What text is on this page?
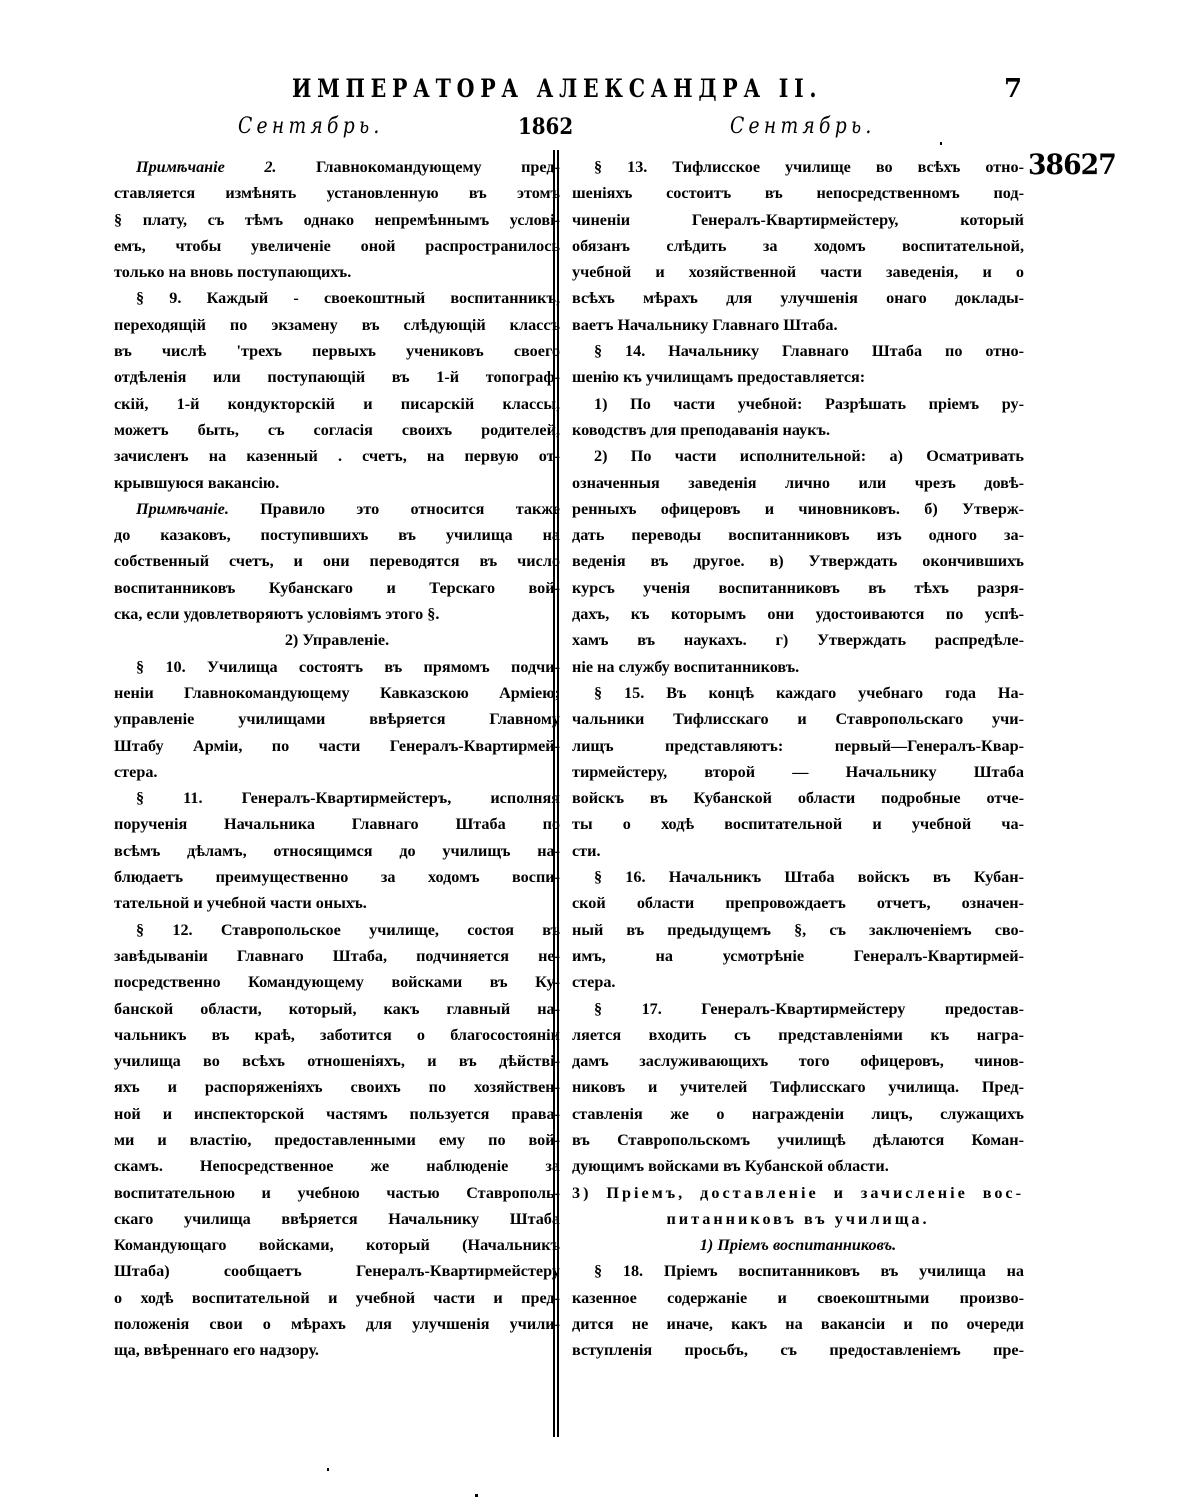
ИМПЕРАТОРА АЛЕКСАНДРА II.	7
Сентябрь.	1862	Сентябрь.
38627
Примѣчаніе 2. Главнокомандующему пред-
ставляется измѣнять установленную въ этомъ
§ плату, съ тѣмъ однако непремѣннымъ услові-
емъ, чтобы увеличеніе оной распространилось
только на вновь поступающихъ.
§ 9. Каждый - своекоштный воспитанникъ,
переходящій по экзамену въ слѣдующій классъ
въ числѣ 'трехъ первыхъ учениковъ своего
отдѣленія или поступающій въ 1-й топограф-
скій, 1-й кондукторскій и писарскій классы,
можетъ быть, съ согласія своихъ родителей,
зачисленъ на казенный . счетъ, на первую от-
крывшуюся вакансію.
Примѣчаніе. Правило это относится также
до казаковъ, поступившихъ въ училища на
собственный счетъ, и они переводятся въ число
воспитанниковъ Кубанскаго и Терскаго вой-
ска, если удовлетворяютъ условіямъ этого §.
2) Управленіе.
§ 10. Училища состоятъ въ прямомъ подчи-
неніи Главнокомандующему Кавказскою Арміею;
управленіе училищами ввѣряется Главному
Штабу Арміи, по части Генералъ-Квартирмей-
стера.
§ 11. Генералъ-Квартирмейстеръ, исполняя
порученія Начальника Главнаго Штаба по
всѣмъ дѣламъ, относящимся до училищъ на-
блюдаетъ преимущественно за ходомъ воспи-
тательной и учебной части оныхъ.
§ 12. Ставропольское училище, состоя въ
завѣдываніи Главнаго Штаба, подчиняется не-
посредственно Командующему войсками въ Ку-
банской области, который, какъ главный на-
чальникъ въ краѣ, заботится о благосостояніи
училища во всѣхъ отношеніяхъ, и въ дѣйстві-
яхъ и распоряженіяхъ своихъ по хозяйствен-
ной и инспекторской частямъ пользуется права-
ми и властію, предоставленными ему по вой-
скамъ. Непосредственное же наблюденіе за
воспитательною и учебною частью Ставрополь-
скаго училища ввѣряется Начальнику Штаба
Командующаго войсками, который (Начальникъ
Штаба) сообщаетъ Генералъ-Квартирмейстеру
о ходѣ воспитательной и учебной части и пред-
положенія свои о мѣрахъ для улучшенія учили-
ща, ввѣреннаго его надзору.
§ 13. Тифлисское училище во всѣхъ отно-
шеніяхъ состоитъ въ непосредственномъ под-
чиненіи Генералъ-Квартирмейстеру, который
обязанъ слѣдить за ходомъ воспитательной,
учебной и хозяйственной части заведенія, и о
всѣхъ мѣрахъ для улучшенія онаго доклады-
ваетъ Начальнику Главнаго Штаба.
§ 14. Начальнику Главнаго Штаба по отно-
шенію къ училищамъ предоставляется:
1) По части учебной: Разрѣшать пріемъ ру-
ководствъ для преподаванія наукъ.
2) По части исполнительной: а) Осматривать
означенныя заведенія лично или чрезъ довѣ-
ренныхъ офицеровъ и чиновниковъ. б) Утверж-
дать переводы воспитанниковъ изъ одного за-
веденія въ другое. в) Утверждать окончившихъ
курсъ ученія воспитанниковъ въ тѣхъ разря-
дахъ, къ которымъ они удостоиваются по успѣ-
хамъ въ наукахъ. г) Утверждать распредѣле-
ніе на службу воспитанниковъ.
§ 15. Въ концѣ каждаго учебнаго года На-
чальники Тифлисскаго и Ставропольскаго учи-
лищъ представляютъ: первый—Генералъ-Квар-
тирмейстеру, второй — Начальнику Штаба
войскъ въ Кубанской области подробные отче-
ты о ходѣ воспитательной и учебной ча-
сти.
§ 16. Начальникъ Штаба войскъ въ Кубан-
ской области препровождаетъ отчетъ, означен-
ный въ предыдущемъ §, съ заключеніемъ сво-
имъ, на усмотрѣніе Генералъ-Квартирмей-
стера.
§ 17. Генералъ-Квартирмейстеру предостав-
ляется входить съ представленіями къ награ-
дамъ заслуживающихъ того офицеровъ, чинов-
никовъ и учителей Тифлисскаго училища. Пред-
ставленія же о награжденіи лицъ, служащихъ
въ Ставропольскомъ училищѣ дѣлаются Коман-
дующимъ войсками въ Кубанской области.
3) Пріемъ, доставленіе и зачисленіе вос-
питанниковъ въ училища.
1) Пріемъ воспитанниковъ.
§ 18. Пріемъ воспитанниковъ въ училища на
казенное содержаніе и своекоштными произво-
дится не иначе, какъ на вакансіи и по очереди
вступленія просьбъ, съ предоставленіемъ пре-
